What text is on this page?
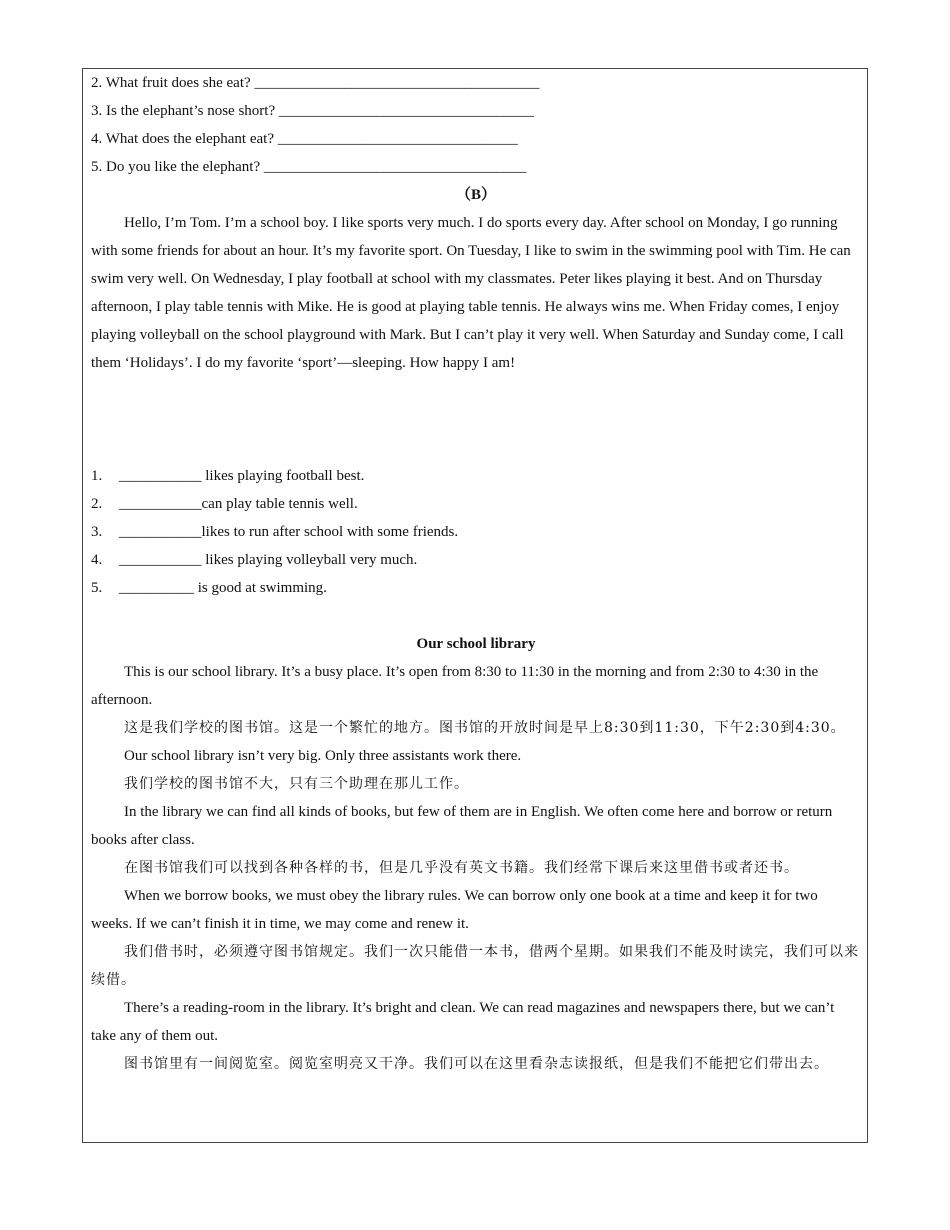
2. What fruit does she eat? ______________________________________
3. Is the elephant’s nose short? __________________________________
4. What does the elephant eat? ________________________________
5. Do you like the elephant? ___________________________________
（B）

Hello, I’m Tom. I’m a school boy. I like sports very much. I do sports every day. After school on Monday, I go running with some friends for about an hour. It’s my favorite sport. On Tuesday, I like to swim in the swimming pool with Tim. He can swim very well. On Wednesday, I play football at school with my classmates. Peter likes playing it best. And on Thursday afternoon, I play table tennis with Mike. He is good at playing table tennis. He always wins me. When Friday comes, I enjoy playing volleyball on the school playground with Mark. But I can’t play it very well. When Saturday and Sunday come, I call them ‘Holidays’. I do my favorite ‘sport’—sleeping. How happy I am!

1. ___________ likes playing football best.
2. ___________can play table tennis well.
3. ___________likes to run after school with some friends.
4. ___________ likes playing volleyball very much.
5. __________ is good at swimming.
Our school library

This is our school library. It’s a busy place. It’s open from 8:30 to 11:30 in the morning and from 2:30 to 4:30 in the afternoon.

这是我们学校的图书馆。这是一个繁忙的地方。图书馆的开放时间是早上8:30到11:30，下午2:30到4:30。

Our school library isn’t very big. Only three assistants work there.

我们学校的图书馆不大，只有三个助理在那儿工作。

In the library we can find all kinds of books, but few of them are in English. We often come here and borrow or return books after class.

在图书馆我们可以找到各种各样的书，但是几乎没有英文书籍。我们经常下课后来这里借书或者还书。

When we borrow books, we must obey the library rules. We can borrow only one book at a time and keep it for two weeks. If we can’t finish it in time, we may come and renew it.

我们借书时，必须遵守图书馆规定。我们一次只能借一本书，借两个星期。如果我们不能及时读完，我们可以来续借。

There’s a reading-room in the library. It’s bright and clean. We can read magazines and newspapers there, but we can’t take any of them out.

图书馆里有一间阅览室。阅览室明亮又干净。我们可以在这里看杂志读报纸，但是我们不能把它们带出去。
